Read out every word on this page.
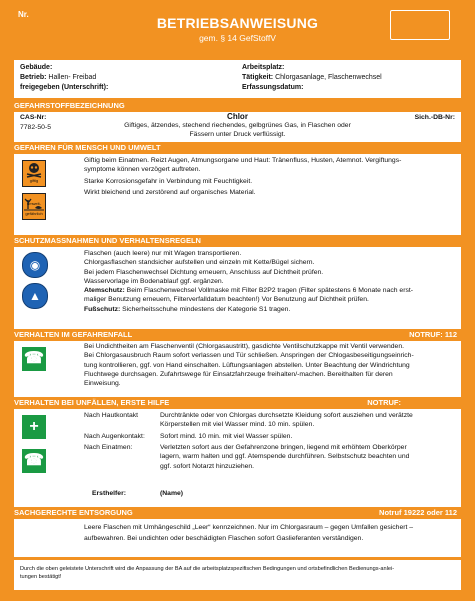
Nr.
BETRIEBSANWEISUNG
gem. § 14 GefStoffV
Gebäude:
Betrieb: Hallen- Freibad
freigegeben (Unterschrift):
Arbeitsplatz:
Tätigkeit: Chlorgasanlage, Flaschenwechsel
Erfassungsdatum:
GEFAHRSTOFFBEZEICHNUNG
CAS-Nr:
7782-50-5
Chlor	Sich.-DB-Nr:
Giftiges, ätzendes, stechend riechendes, gelbgrünes Gas, in Flaschen oder
Fässern unter Druck verflüssigt.
GEFAHREN FÜR MENSCH UND UMWELT
giftig
umwelt-gefährlich
Giftig beim Einatmen. Reizt Augen, Atmungsorgane und Haut: Tränenfluss, Husten, Atemnot. Vergiftungs-
symptome können verzögert auftreten.
Starke Korrosionsgefahr in Verbindung mit Feuchtigkeit.
Wirkt bleichend und zerstörend auf organisches Material.
SCHUTZMASSNAHMEN UND VERHALTENSREGELN
◉
▲
Flaschen (auch leere) nur mit Wagen transportieren.
Chlorgasflaschen standsicher aufstellen und einzeln mit Kette/Bügel sichern.
Bei jedem Flaschenwechsel Dichtung erneuern, Anschluss auf Dichtheit prüfen.
Wasservorlage im Bodenablauf ggf. ergänzen.
Atemschutz: Beim Flaschenwechsel Vollmaske mit Filter B2P2 tragen (Filter spätestens 6 Monate nach erst-
maliger Benutzung erneuern, Filterverfalldatum beachten!) Vor Benutzung auf Dichtheit prüfen.
Fußschutz: Sicherheitsschuhe mindestens der Kategorie S1 tragen.
VERHALTEN IM GEFAHRENFALL	NOTRUF: 112
☎
Bei Undichtheiten am Flaschenventil (Chlorgasaustritt), gasdichte Ventilschutzkappe mit Ventil verwenden.
Bei Chlorgasausbruch Raum sofort verlassen und Tür schließen. Anspringen der Chlogasbeseitigungseinrich-
tung kontrollieren, ggf. von Hand einschalten. Lüftungsanlagen abstellen. Unter Beachtung der Windrichtung
Fluchtwege durchsagen. Zufahrtswege für Einsatzfahrzeuge freihalten/-machen. Bereithalten für deren
Einweisung.
VERHALTEN BEI UNFÄLLEN, ERSTE HILFE	NOTRUF:
+
☎
Nach Hautkontakt	Durchtränkte oder von Chlorgas durchsetzte Kleidung sofort ausziehen und verätzte
Körperstellen mit viel Wasser mind. 10 min. spülen.
Nach Augenkontakt: Sofort mind. 10 min. mit viel Wasser spülen.
Nach Einatmen:	Verletzten sofort aus der Gefahrenzone bringen, liegend mit erhöhtem Oberkörper
lagern, warm halten und ggf. Atemspende durchführen. Selbstschutz beachten und
ggf. sofort Notarzt hinzuziehen.
Ersthelfer:	(Name)
SACHGERECHTE ENTSORGUNG	Notruf 19222 oder 112
Leere Flaschen mit Umhängeschild „Leer“ kennzeichnen. Nur im Chlorgasraum – gegen Umfallen gesichert –
aufbewahren. Bei undichten oder beschädigten Flaschen sofort Gaslieferanten verständigen.
Durch die oben geleistete Unterschrift wird die Anpassung der BA auf die arbeitsplatzspezifischen Bedingungen und ortsbefindlichen Bedienungs-anlei-
tungen bestätigt!
